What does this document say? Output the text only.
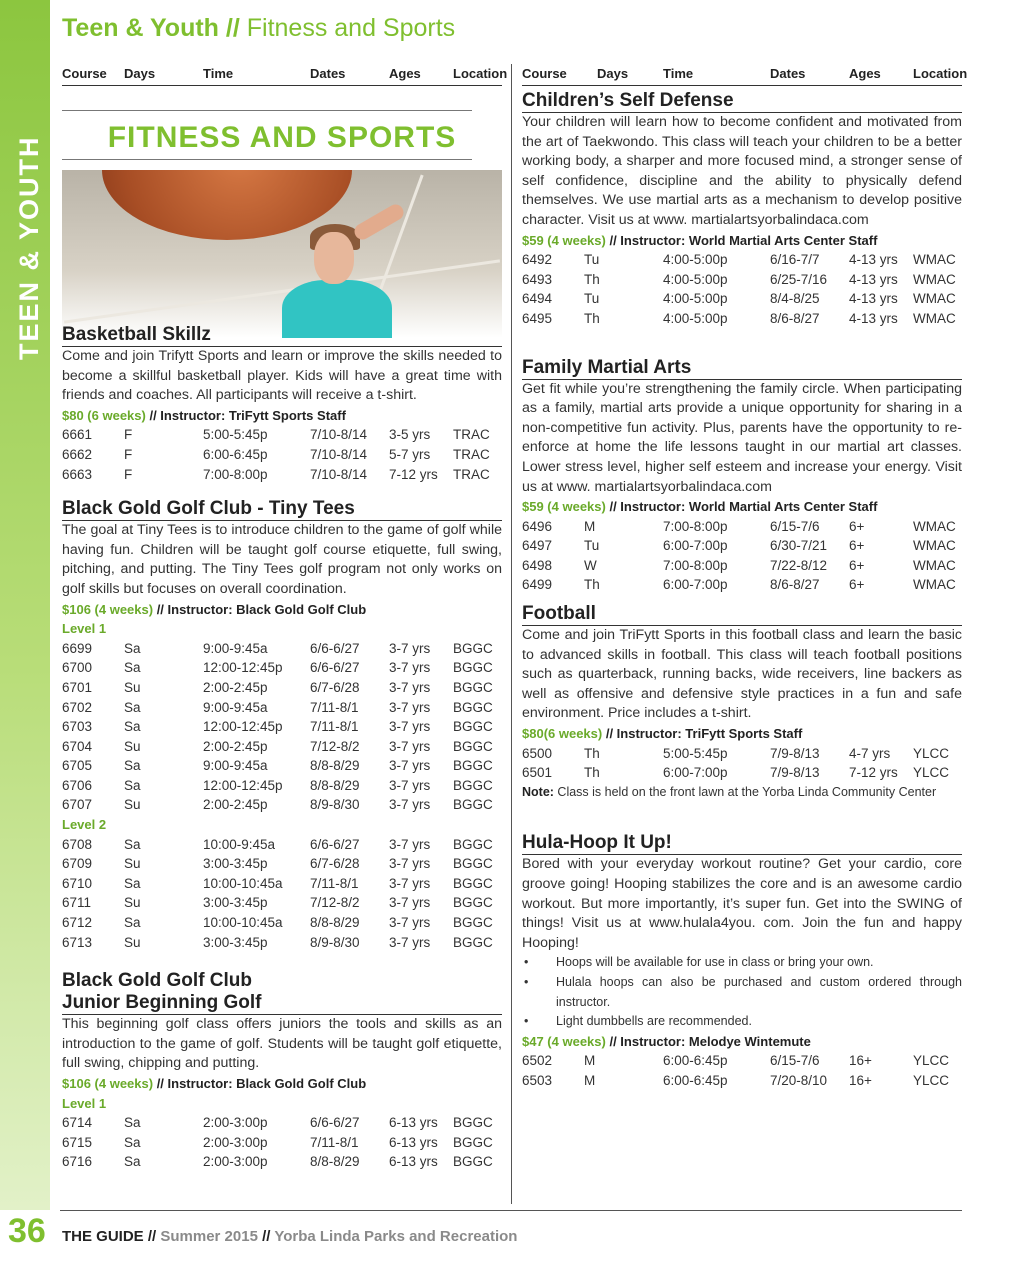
TEEN & YOUTH
Teen & Youth // Fitness and Sports
Course Days	Time	Dates	Ages Location Course Days	Time	Dates	Ages Location
FITNESS AND SPORTS
Basketball Skillz
Come and join Trifytt Sports and learn or improve the skills needed to become a skillful basketball player. Kids will have a great time with friends and coaches. All participants will receive a t-shirt.
$80 (6 weeks) // Instructor: TriFytt Sports Staff
6661 F	5:00-5:45p	7/10-8/14 3-5 yrs TRAC
6662 F	6:00-6:45p	7/10-8/14 5-7 yrs TRAC
6663 F	7:00-8:00p	7/10-8/14 7-12 yrs TRAC
Black Gold Golf Club - Tiny Tees
The goal at Tiny Tees is to introduce children to the game of golf while having fun. Children will be taught golf course etiquette, full swing, pitching, and putting. The Tiny Tees golf program not only works on golf skills but focuses on overall coordination.
$106 (4 weeks) // Instructor: Black Gold Golf Club
Level 1
6699 Sa	9:00-9:45a	6/6-6/27 3-7 yrs BGGC
6700 Sa	12:00-12:45p 6/6-6/27 3-7 yrs BGGC
6701 Su	2:00-2:45p	6/7-6/28 3-7 yrs BGGC
6702 Sa	9:00-9:45a	7/11-8/1 3-7 yrs BGGC
6703 Sa	12:00-12:45p 7/11-8/1 3-7 yrs BGGC
6704 Su	2:00-2:45p	7/12-8/2 3-7 yrs BGGC
6705 Sa	9:00-9:45a	8/8-8/29 3-7 yrs BGGC
6706 Sa	12:00-12:45p 8/8-8/29 3-7 yrs BGGC
6707 Su	2:00-2:45p	8/9-8/30 3-7 yrs BGGC
Level 2
6708 Sa	10:00-9:45a	6/6-6/27 3-7 yrs BGGC
6709 Su	3:00-3:45p	6/7-6/28 3-7 yrs BGGC
6710 Sa	10:00-10:45a 7/11-8/1 3-7 yrs BGGC
6711 Su	3:00-3:45p	7/12-8/2 3-7 yrs BGGC
6712 Sa	10:00-10:45a 8/8-8/29 3-7 yrs BGGC
6713 Su	3:00-3:45p	8/9-8/30 3-7 yrs BGGC
Black Gold Golf Club
Junior Beginning Golf
This beginning golf class offers juniors the tools and skills as an introduction to the game of golf. Students will be taught golf etiquette, full swing, chipping and putting.
$106 (4 weeks) // Instructor: Black Gold Golf Club
Level 1
6714 Sa	2:00-3:00p	6/6-6/27 6-13 yrs BGGC
6715 Sa	2:00-3:00p	7/11-8/1 6-13 yrs BGGC
6716 Sa	2:00-3:00p	8/8-8/29 6-13 yrs BGGC
Children’s Self Defense
Your children will learn how to become confident and motivated from the art of Taekwondo. This class will teach your children to be a better working body, a sharper and more focused mind, a stronger sense of self confidence, discipline and the ability to physically defend themselves. We use martial arts as a mechanism to develop positive character. Visit us at www. martialartsyorbalindaca.com
$59 (4 weeks) // Instructor: World Martial Arts Center Staff
6492 Tu	4:00-5:00p	6/16-7/7 4-13 yrs WMAC
6493 Th	4:00-5:00p	6/25-7/16 4-13 yrs WMAC
6494 Tu	4:00-5:00p	8/4-8/25 4-13 yrs WMAC
6495 Th	4:00-5:00p	8/6-8/27 4-13 yrs WMAC
Family Martial Arts
Get fit while you’re strengthening the family circle. When participating as a family, martial arts provide a unique opportunity for sharing in a non-competitive fun activity. Plus, parents have the opportunity to re-enforce at home the life lessons taught in our martial art classes. Lower stress level, higher self esteem and increase your energy. Visit us at www. martialartsyorbalindaca.com
$59 (4 weeks) // Instructor: World Martial Arts Center Staff
6496 M	7:00-8:00p	6/15-7/6 6+	WMAC
6497 Tu	6:00-7:00p	6/30-7/21 6+	WMAC
6498 W	7:00-8:00p	7/22-8/12 6+	WMAC
6499 Th	6:00-7:00p	8/6-8/27 6+	WMAC
Football
Come and join TriFytt Sports in this football class and learn the basic to advanced skills in football. This class will teach football positions such as quarterback, running backs, wide receivers, line backers as well as offensive and defensive style practices in a fun and safe environment. Price includes a t-shirt.
$80(6 weeks) // Instructor: TriFytt Sports Staff
6500 Th	5:00-5:45p	7/9-8/13 4-7 yrs YLCC
6501 Th	6:00-7:00p	7/9-8/13 7-12 yrs YLCC
Note: Class is held on the front lawn at the Yorba Linda Community Center
Hula-Hoop It Up!
Bored with your everyday workout routine? Get your cardio, core groove going! Hooping stabilizes the core and is an awesome cardio workout. But more importantly, it’s super fun. Get into the SWING of things! Visit us at www.hulala4you. com. Join the fun and happy Hooping!
• Hoops will be available for use in class or bring your own.
• Hulala hoops can also be purchased and custom ordered through instructor.
• Light dumbbells are recommended.
$47 (4 weeks) // Instructor: Melodye Wintemute
6502 M	6:00-6:45p	6/15-7/6 16+	YLCC
6503 M	6:00-6:45p	7/20-8/10 16+	YLCC
36 THE GUIDE // Summer 2015 // Yorba Linda Parks and Recreation
